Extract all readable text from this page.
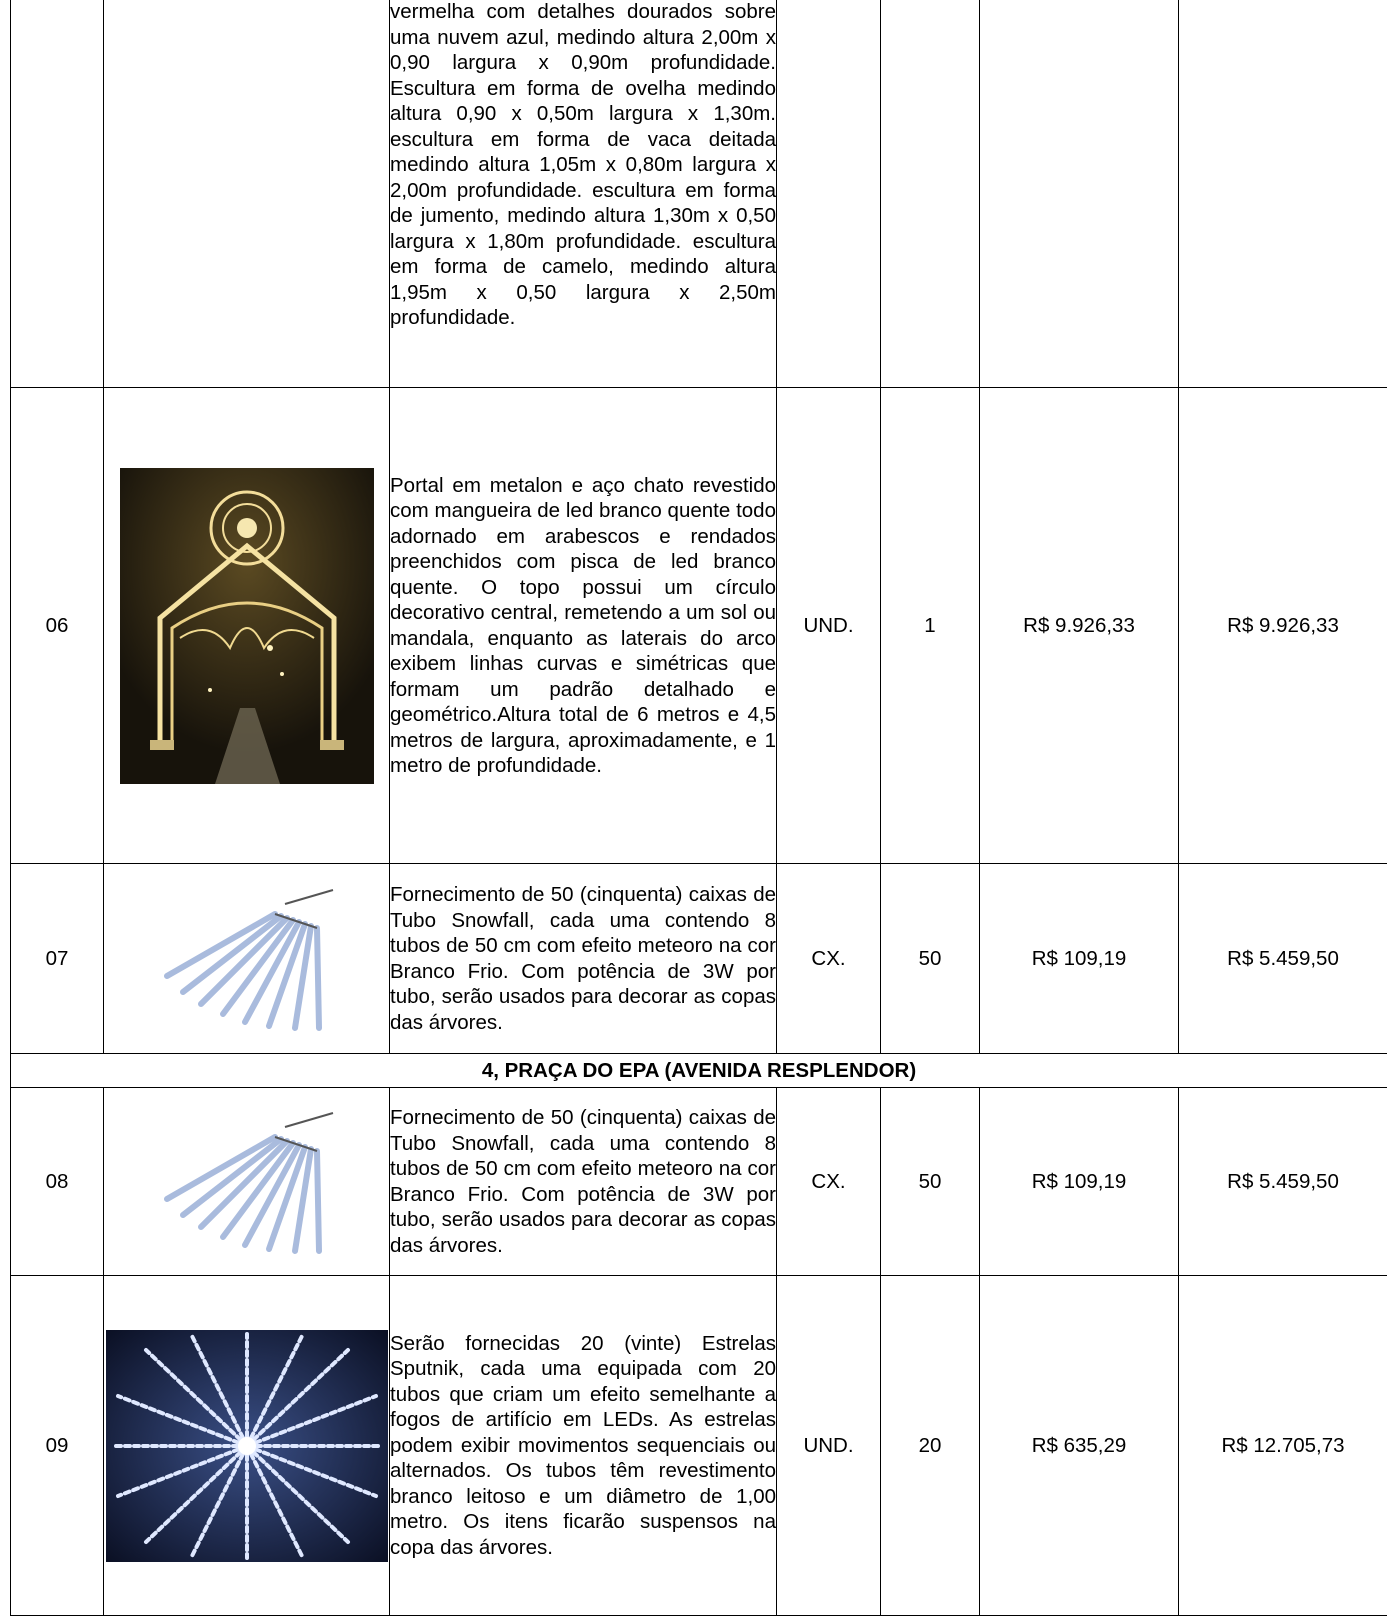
		vermelha com detalhes dourados sobre uma nuvem azul, medindo altura 2,00m x 0,90 largura x 0,90m profundidade. Escultura em forma de ovelha medindo altura 0,90 x 0,50m largura x 1,30m. escultura em forma de vaca deitada medindo altura 1,05m x 0,80m largura x 2,00m profundidade. escultura em forma de jumento, medindo altura 1,30m x 0,50 largura x 1,80m profundidade. escultura em forma de camelo, medindo altura 1,95m x 0,50 largura x 2,50m profundidade.				

06		Portal em metalon e aço chato revestido com mangueira de led branco quente todo adornado em arabescos e rendados preenchidos com pisca de led branco quente. O topo possui um círculo decorativo central, remetendo a um sol ou mandala, enquanto as laterais do arco exibem linhas curvas e simétricas que formam um padrão detalhado e geométrico.Altura total de 6 metros e 4,5 metros de largura, aproximadamente, e 1 metro de profundidade.	UND.	1	R$ 9.926,33	R$ 9.926,33
07		Fornecimento de 50 (cinquenta) caixas de Tubo Snowfall, cada uma contendo 8 tubos de 50 cm com efeito meteoro na cor Branco Frio. Com potência de 3W por tubo, serão usados para decorar as copas das árvores.	CX.	50	R$ 109,19	R$ 5.459,50
4, PRAÇA DO EPA (AVENIDA RESPLENDOR)						
08		Fornecimento de 50 (cinquenta) caixas de Tubo Snowfall, cada uma contendo 8 tubos de 50 cm com efeito meteoro na cor Branco Frio. Com potência de 3W por tubo, serão usados para decorar as copas das árvores.	CX.	50	R$ 109,19	R$ 5.459,50
09		Serão fornecidas 20 (vinte) Estrelas Sputnik, cada uma equipada com 20 tubos que criam um efeito semelhante a fogos de artifício em LEDs. As estrelas podem exibir movimentos sequenciais ou alternados. Os tubos têm revestimento branco leitoso e um diâmetro de 1,00 metro. Os itens ficarão suspensos na copa das árvores.	UND.	20	R$ 635,29	R$ 12.705,73
